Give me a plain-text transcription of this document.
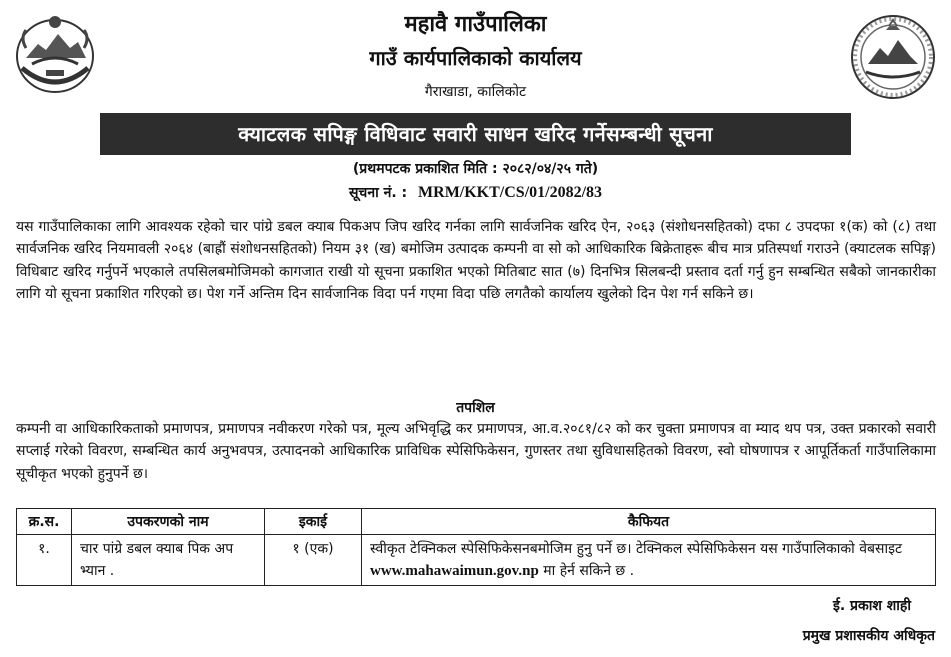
महावै गाउँपालिका
गाउँ कार्यपालिकाको कार्यालय
गैराखाडा, कालिकोट
क्याटलक सपिङ्ग विधिवाट सवारी साधन खरिद गर्नेसम्बन्धी सूचना
(प्रथमपटक प्रकाशित मिति : २०८२/०४/२५ गते)
सूचना नं. : MRM/KKT/CS/01/2082/83

यस गाउँपालिकाका लागि आवश्यक रहेको चार पांग्रे डबल क्याब पिकअप जिप खरिद गर्नका लागि सार्वजनिक खरिद ऐन, २०६३ (संशोधनसहितको) दफा ८ उपदफा १(क) को (८) तथा सार्वजनिक खरिद नियमावली २०६४ (बाह्रौं संशोधनसहितको) नियम ३१ (ख) बमोजिम उत्पादक कम्पनी वा सो को आधिकारिक बिक्रेताहरू बीच मात्र प्रतिस्पर्धा गराउने (क्याटलक सपिङ्ग) विधिबाट खरिद गर्नुपर्ने भएकाले तपसिलबमोजिमको कागजात राखी यो सूचना प्रकाशित भएको मितिबाट सात (७) दिनभित्र सिलबन्दी प्रस्ताव दर्ता गर्नु हुन सम्बन्धित सबैको जानकारीका लागि यो सूचना प्रकाशित गरिएको छ। पेश गर्ने अन्तिम दिन सार्वजानिक विदा पर्न गएमा विदा पछि लगतैको कार्यालय खुलेको दिन पेश गर्न सकिने छ।

तपशिल

कम्पनी वा आधिकारिकताको प्रमाणपत्र, प्रमाणपत्र नवीकरण गरेको पत्र, मूल्य अभिवृद्धि कर प्रमाणपत्र, आ.व.२०८१/८२ को कर चुक्ता प्रमाणपत्र वा म्याद थप पत्र, उक्त प्रकारको सवारी सप्लाई गरेको विवरण, सम्बन्धित कार्य अनुभवपत्र, उत्पादनको आधिकारिक प्राविधिक स्पेसिफिकेसन, गुणस्तर तथा सुविधासहितको विवरण, स्वो घोषणापत्र र आपूर्तिकर्ता गाउँपालिकामा सूचीकृत भएको हुनुपर्ने छ।

क्र.स.	उपकरणको नाम	इकाई	कैफियत
१.	चार पांग्रे डबल क्याब पिक अप भ्यान .	१ (एक)	स्वीकृत टेक्निकल स्पेसिफिकेसनबमोजिम हुनु पर्ने छ। टेक्निकल स्पेसिफिकेसन यस गाउँपालिकाको वेबसाइट www.mahawaimun.gov.np मा हेर्न सकिने छ .
ई. प्रकाश शाही
प्रमुख प्रशासकीय अधिकृत
